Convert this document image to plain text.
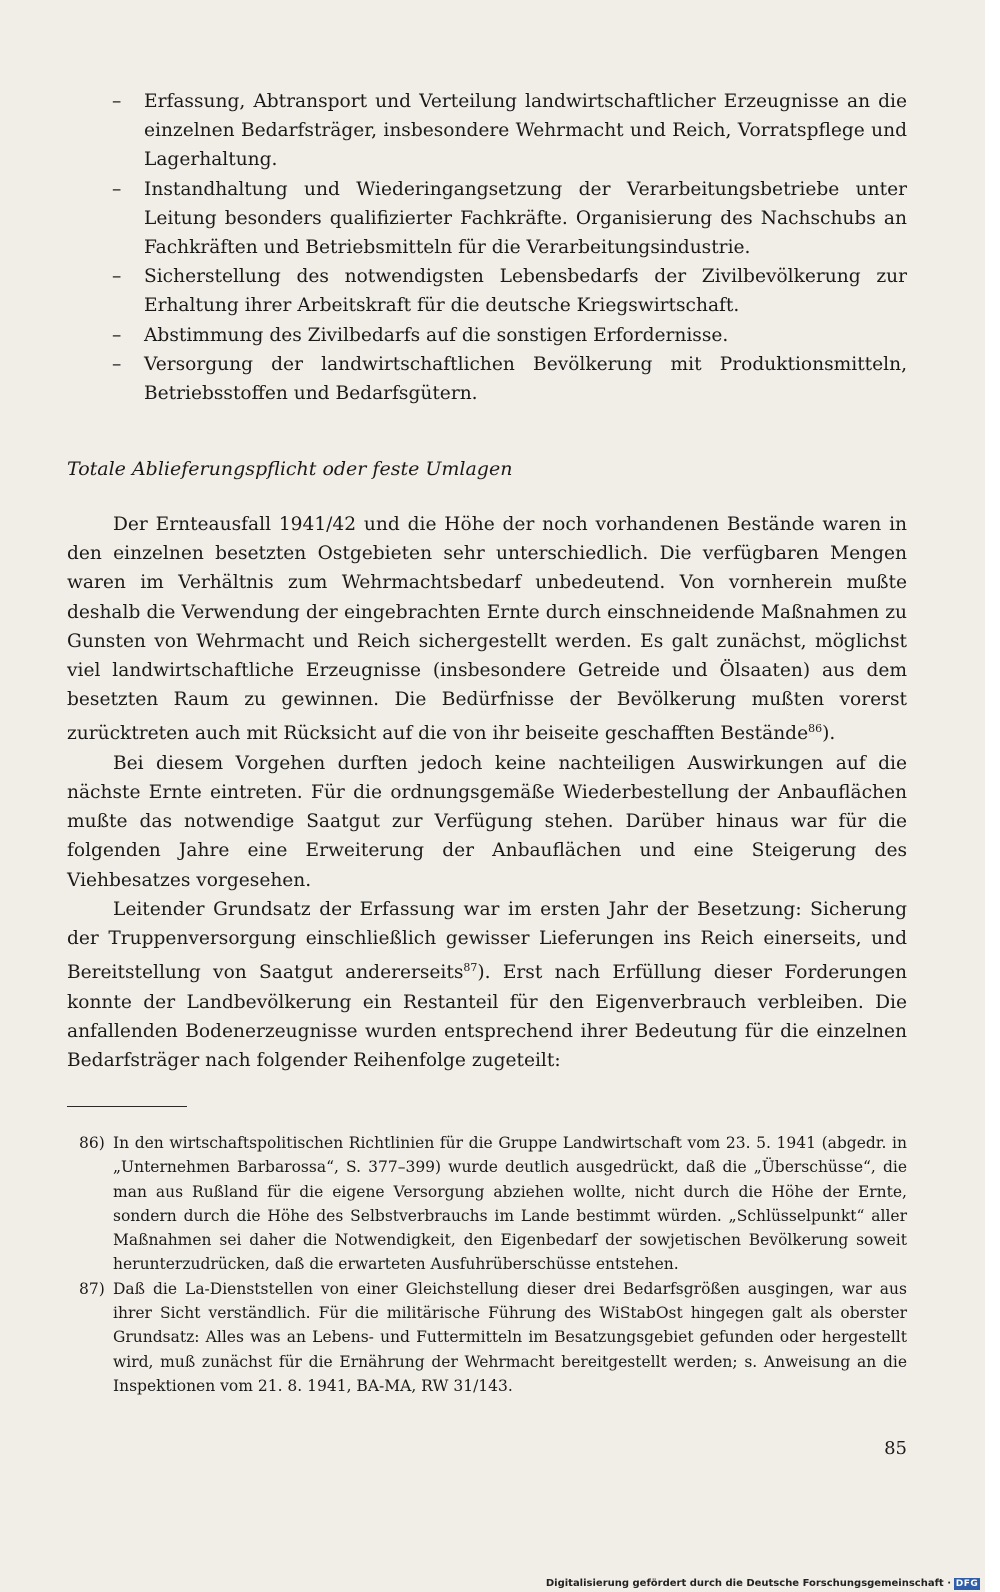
– Erfassung, Abtransport und Verteilung landwirtschaftlicher Erzeugnisse an die einzelnen Bedarfsträger, insbesondere Wehrmacht und Reich, Vorratspflege und Lagerhaltung.
– Instandhaltung und Wiederingangsetzung der Verarbeitungsbetriebe unter Leitung besonders qualifizierter Fachkräfte. Organisierung des Nachschubs an Fachkräften und Betriebsmitteln für die Verarbeitungsindustrie.
– Sicherstellung des notwendigsten Lebensbedarfs der Zivilbevölkerung zur Erhaltung ihrer Arbeitskraft für die deutsche Kriegswirtschaft.
– Abstimmung des Zivilbedarfs auf die sonstigen Erfordernisse.
– Versorgung der landwirtschaftlichen Bevölkerung mit Produktionsmitteln, Betriebsstoffen und Bedarfsgütern.
Totale Ablieferungspflicht oder feste Umlagen

Der Ernteausfall 1941/42 und die Höhe der noch vorhandenen Bestände waren in den einzelnen besetzten Ostgebieten sehr unterschiedlich. Die verfügbaren Mengen waren im Verhältnis zum Wehrmachtsbedarf unbedeutend. Von vornherein mußte deshalb die Verwendung der eingebrachten Ernte durch einschneidende Maßnahmen zu Gunsten von Wehrmacht und Reich sichergestellt werden. Es galt zunächst, möglichst viel landwirtschaftliche Erzeugnisse (insbesondere Getreide und Ölsaaten) aus dem besetzten Raum zu gewinnen. Die Bedürfnisse der Bevölkerung mußten vorerst zurücktreten auch mit Rücksicht auf die von ihr beiseite geschafften Bestände$^{86}$).

Bei diesem Vorgehen durften jedoch keine nachteiligen Auswirkungen auf die nächste Ernte eintreten. Für die ordnungsgemäße Wiederbestellung der Anbauflächen mußte das notwendige Saatgut zur Verfügung stehen. Darüber hinaus war für die folgenden Jahre eine Erweiterung der Anbauflächen und eine Steigerung des Viehbesatzes vorgesehen.

Leitender Grundsatz der Erfassung war im ersten Jahr der Besetzung: Sicherung der Truppenversorgung einschließlich gewisser Lieferungen ins Reich einerseits, und Bereitstellung von Saatgut andererseits$^{87}$). Erst nach Erfüllung dieser Forderungen konnte der Landbevölkerung ein Restanteil für den Eigenverbrauch verbleiben. Die anfallenden Bodenerzeugnisse wurden entsprechend ihrer Bedeutung für die einzelnen Bedarfsträger nach folgender Reihenfolge zugeteilt:

86) In den wirtschaftspolitischen Richtlinien für die Gruppe Landwirtschaft vom 23. 5. 1941 (abgedr. in „Unternehmen Barbarossa“, S. 377–399) wurde deutlich ausgedrückt, daß die „Überschüsse“, die man aus Rußland für die eigene Versorgung abziehen wollte, nicht durch die Höhe der Ernte, sondern durch die Höhe des Selbstverbrauchs im Lande bestimmt würden. „Schlüsselpunkt“ aller Maßnahmen sei daher die Notwendigkeit, den Eigenbedarf der sowjetischen Bevölkerung soweit herunterzudrücken, daß die erwarteten Ausfuhrüberschüsse entstehen.

87) Daß die La-Dienststellen von einer Gleichstellung dieser drei Bedarfsgrößen ausgingen, war aus ihrer Sicht verständlich. Für die militärische Führung des WiStabOst hingegen galt als oberster Grundsatz: Alles was an Lebens- und Futtermitteln im Besatzungsgebiet gefunden oder hergestellt wird, muß zunächst für die Ernährung der Wehrmacht bereitgestellt werden; s. Anweisung an die Inspektionen vom 21. 8. 1941, BA-MA, RW 31/143.

85
Digitalisierung gefördert durch die Deutsche Forschungsgemeinschaft · DFG
